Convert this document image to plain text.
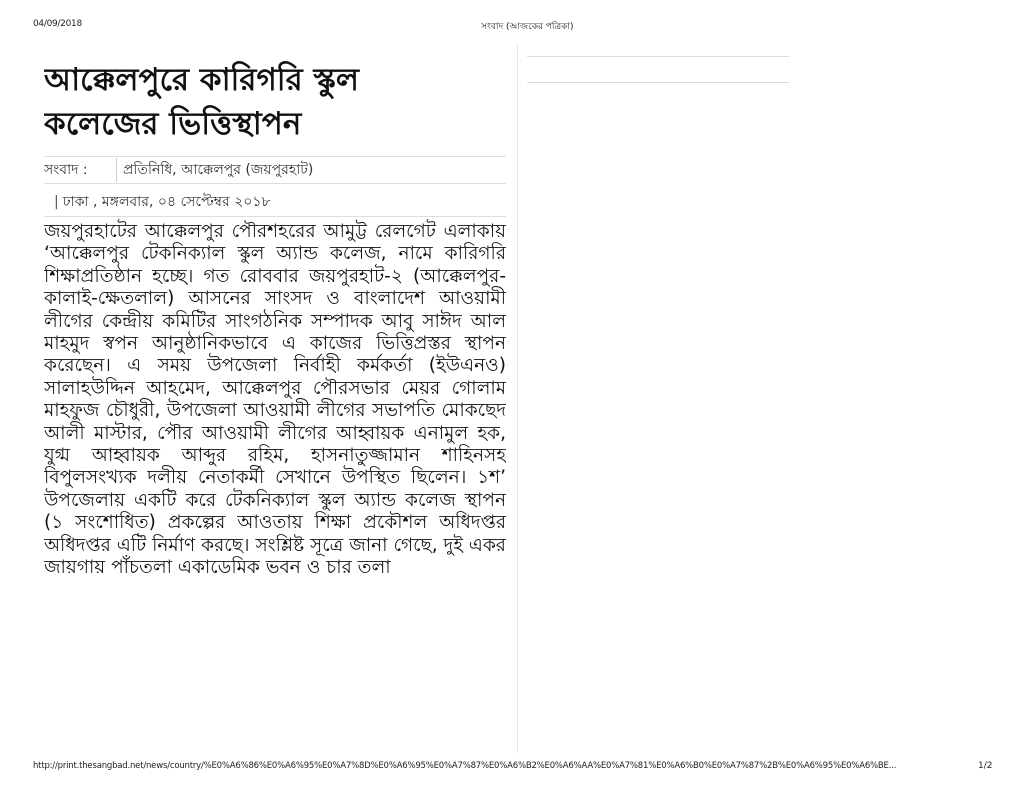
04/09/2018	সংবাদ (আজকের পত্রিকা)
আক্কেলপুরে কারিগরি স্কুল
কলেজের ভিত্তিস্থাপন
সংবাদ :	প্রতিনিধি, আক্কেলপুর (জয়পুরহাট)
| ঢাকা , মঙ্গলবার, ০৪ সেপ্টেম্বর ২০১৮
জয়পুরহাটের আক্কেলপুর পৌরশহরের আমুট্ট রেলগেট এলাকায় ‘আক্কেলপুর টেকনিক্যাল স্কুল অ্যান্ড কলেজ, নামে কারিগরি শিক্ষাপ্রতিষ্ঠান হচ্ছে। গত রোববার জয়পুরহাট-২ (আক্কেলপুর-কালাই-ক্ষেতলাল) আসনের সাংসদ ও বাংলাদেশ আওয়ামী লীগের কেন্দ্রীয় কমিটির সাংগঠনিক সম্পাদক আবু সাঈদ আল মাহমুদ স্বপন আনুষ্ঠানিকভাবে এ কাজের ভিত্তিপ্রস্তর স্থাপন করেছেন। এ সময় উপজেলা নির্বাহী কর্মকর্তা (ইউএনও) সালাহউদ্দিন আহমেদ, আক্কেলপুর পৌরসভার মেয়র গোলাম মাহফুজ চৌধুরী, উপজেলা আওয়ামী লীগের সভাপতি মোকছেদ আলী মাস্টার, পৌর আওয়ামী লীগের আহ্বায়ক এনামুল হক, যুগ্ম আহ্বায়ক আব্দুর রহিম, হাসনাতুজ্জামান শাহিনসহ বিপুলসংখ্যক দলীয় নেতাকর্মী সেখানে উপস্থিত ছিলেন। ১শ’ উপজেলায় একটি করে টেকনিক্যাল স্কুল অ্যান্ড কলেজ স্থাপন (১ সংশোধিত) প্রকল্পের আওতায় শিক্ষা প্রকৌশল অধিদপ্তর অধিদপ্তর এটি নির্মাণ করছে। সংশ্লিষ্ট সূত্রে জানা গেছে, দুই একর জায়গায় পাঁচতলা একাডেমিক ভবন ও চার তলা
http://print.thesangbad.net/news/country/%E0%A6%86%E0%A6%95%E0%A7%8D%E0%A6%95%E0%A7%87%E0%A6%B2%E0%A6%AA%E0%A7%81%E0%A6%B0%E0%A7%87%2B%E0%A6%95%E0%A6%BE...	1/2
